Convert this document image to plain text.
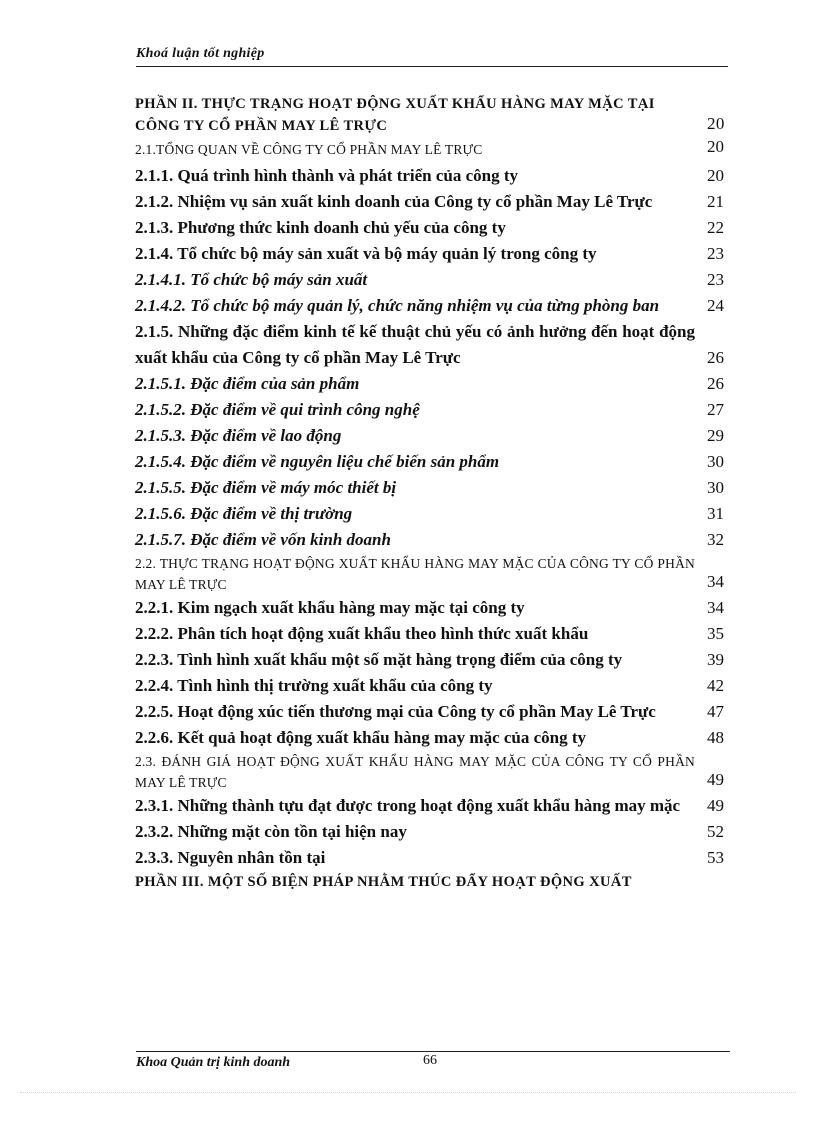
Khoá luận tốt nghiệp
PHẦN II. THỰC TRẠNG HOẠT ĐỘNG XUẤT KHẨU HÀNG MAY MẶC TẠI CÔNG TY CỔ PHẦN MAY LÊ TRỰC	20
2.1.TỔNG QUAN VỀ CÔNG TY CỔ PHẦN MAY LÊ TRỰC	20
2.1.1. Quá trình hình thành và phát triển của công ty	20
2.1.2. Nhiệm vụ sản xuất kinh doanh của Công ty cổ phần May Lê Trực	21
2.1.3. Phương thức kinh doanh chủ yếu của công ty	22
2.1.4. Tổ chức bộ máy sản xuất và bộ máy quản lý trong công ty	23
2.1.4.1. Tổ chức bộ máy sản xuất	23
2.1.4.2. Tổ chức bộ máy quản lý, chức năng nhiệm vụ của từng phòng ban	24
2.1.5. Những đặc điểm kinh tế kế thuật chủ yếu có ảnh hưởng đến hoạt động xuất khẩu của Công ty cổ phần May Lê Trực	26
2.1.5.1. Đặc điểm của sản phẩm	26
2.1.5.2. Đặc điểm về qui trình công nghệ	27
2.1.5.3. Đặc điểm về lao động	29
2.1.5.4. Đặc điểm về nguyên liệu chế biến sản phẩm	30
2.1.5.5. Đặc điểm về máy móc thiết bị	30
2.1.5.6. Đặc điểm về thị trường	31
2.1.5.7. Đặc điểm về vốn kinh doanh	32
2.2. THỰC TRẠNG HOẠT ĐỘNG XUẤT KHẨU HÀNG MAY MẶC CỦA CÔNG TY CỔ PHẦN MAY LÊ TRỰC	34
2.2.1. Kim ngạch xuất khẩu hàng may mặc tại công ty	34
2.2.2. Phân tích hoạt động xuất khẩu theo hình thức xuất khẩu	35
2.2.3. Tình hình xuất khẩu một số mặt hàng trọng điểm của công ty	39
2.2.4. Tình hình thị trường xuất khẩu của công ty	42
2.2.5. Hoạt động xúc tiến thương mại của Công ty cổ phần May Lê Trực	47
2.2.6. Kết quả hoạt động xuất khẩu hàng may mặc của công ty	48
2.3. ĐÁNH GIÁ HOẠT ĐỘNG XUẤT KHẨU HÀNG MAY MẶC CỦA CÔNG TY CỔ PHẦN MAY LÊ TRỰC	49
2.3.1. Những thành tựu đạt được trong hoạt động xuất khẩu hàng may mặc	49
2.3.2. Những mặt còn tồn tại hiện nay	52
2.3.3. Nguyên nhân tồn tại	53
PHẦN III. MỘT SỐ BIỆN PHÁP NHẰM THÚC ĐẨY HOẠT ĐỘNG XUẤT
Khoa Quản trị kinh doanh	66
